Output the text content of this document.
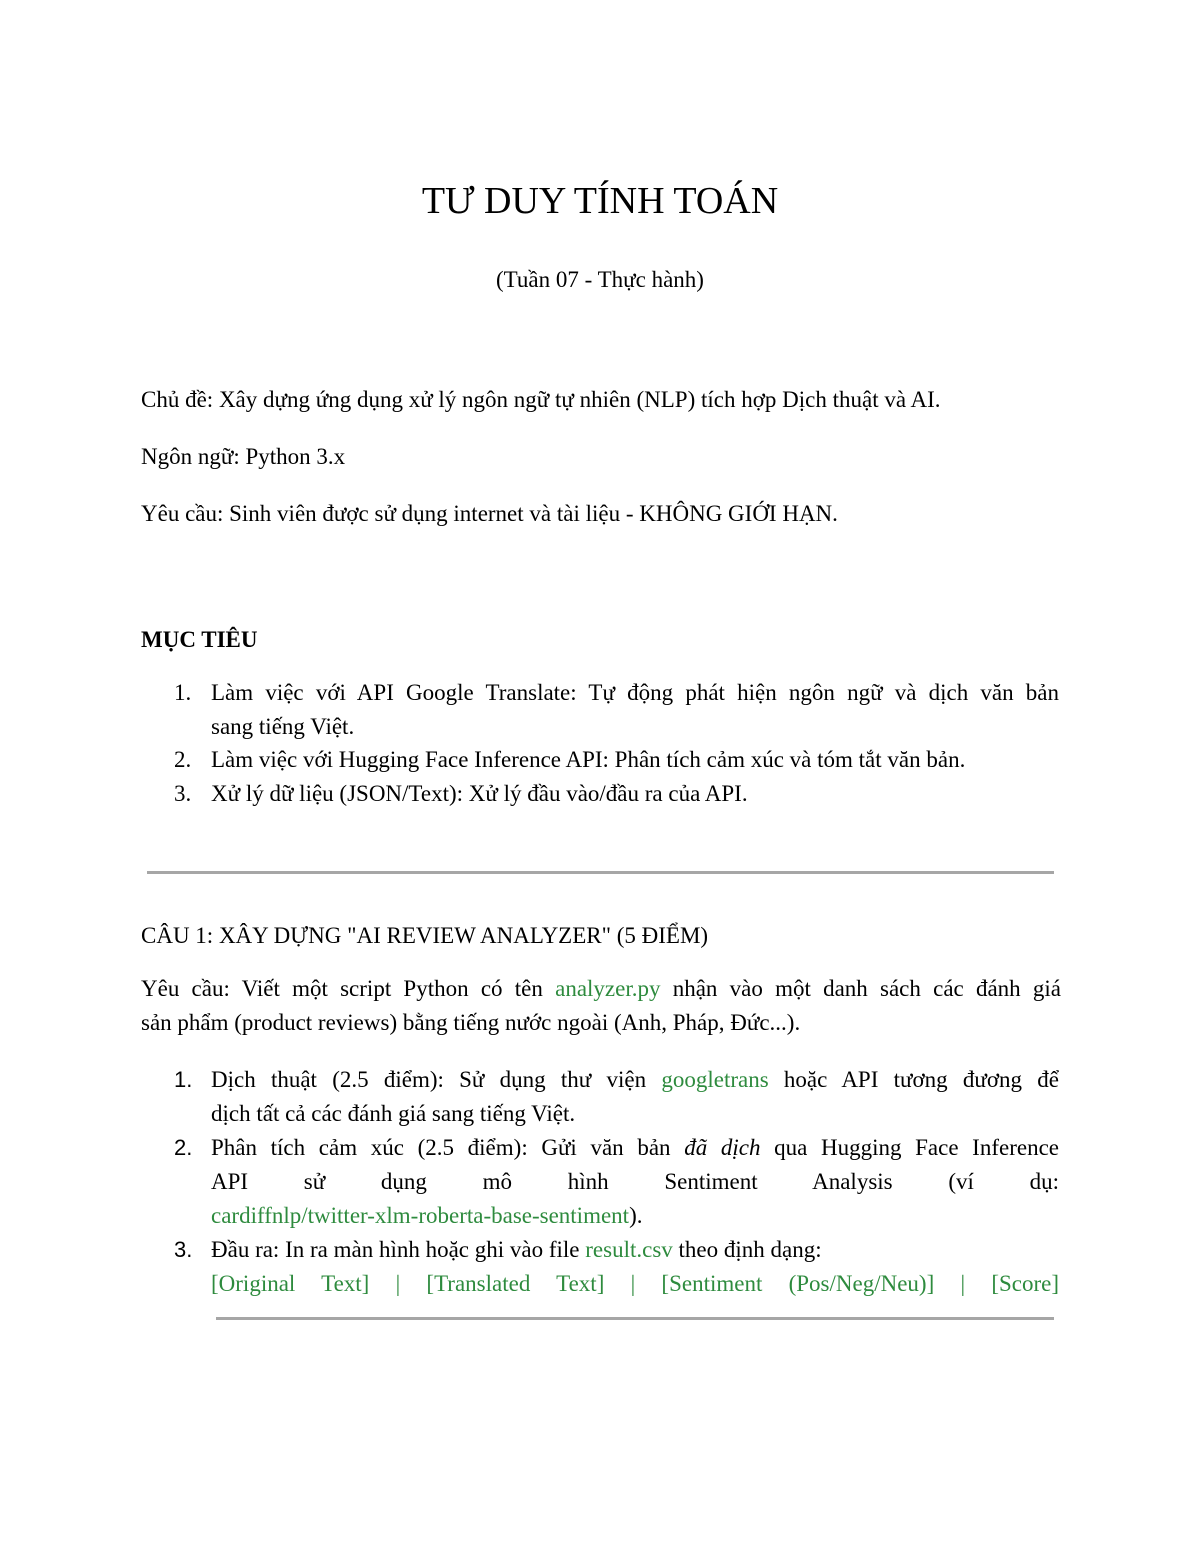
TƯ DUY TÍNH TOÁN
(Tuần 07 - Thực hành)
Chủ đề: Xây dựng ứng dụng xử lý ngôn ngữ tự nhiên (NLP) tích hợp Dịch thuật và AI.
Ngôn ngữ: Python 3.x
Yêu cầu: Sinh viên được sử dụng internet và tài liệu - KHÔNG GIỚI HẠN.
MỤC TIÊU
1. Làm việc với API Google Translate: Tự động phát hiện ngôn ngữ và dịch văn bản
sang tiếng Việt.
2. Làm việc với Hugging Face Inference API: Phân tích cảm xúc và tóm tắt văn bản.
3. Xử lý dữ liệu (JSON/Text): Xử lý đầu vào/đầu ra của API.
CÂU 1: XÂY DỰNG "AI REVIEW ANALYZER" (5 ĐIỂM)
Yêu cầu: Viết một script Python có tên analyzer.py nhận vào một danh sách các đánh giá
sản phẩm (product reviews) bằng tiếng nước ngoài (Anh, Pháp, Đức...).
1. Dịch thuật (2.5 điểm): Sử dụng thư viện googletrans hoặc API tương đương để
dịch tất cả các đánh giá sang tiếng Việt.
2. Phân tích cảm xúc (2.5 điểm): Gửi văn bản đã dịch qua Hugging Face Inference
API sử dụng mô hình Sentiment Analysis (ví dụ:
cardiffnlp/twitter-xlm-roberta-base-sentiment).
3. Đầu ra: In ra màn hình hoặc ghi vào file result.csv theo định dạng:
[Original Text] | [Translated Text] | [Sentiment (Pos/Neg/Neu)] | [Score]
